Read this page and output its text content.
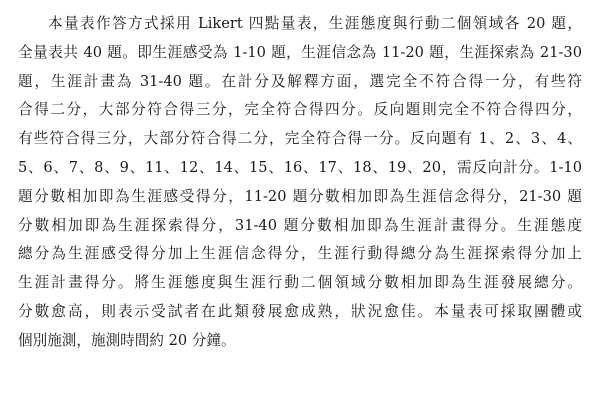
本量表作答方式採用 Likert 四點量表，生涯態度與行動二個領域各 20 題，
全量表共 40 題。即生涯感受為 1-10 題，生涯信念為 11-20 題，生涯探索為 21-30
題，生涯計畫為 31-40 題。在計分及解釋方面，選完全不符合得一分，有些符
合得二分，大部分符合得三分，完全符合得四分。反向題則完全不符合得四分，
有些符合得三分，大部分符合得二分，完全符合得一分。反向題有 1、2、3、4、
5、6、7、8、9、11、12、14、15、16、17、18、19、20，需反向計分。1-10
題分數相加即為生涯感受得分，11-20 題分數相加即為生涯信念得分，21-30 題
分數相加即為生涯探索得分，31-40 題分數相加即為生涯計畫得分。生涯態度
總分為生涯感受得分加上生涯信念得分，生涯行動得總分為生涯探索得分加上
生涯計畫得分。將生涯態度與生涯行動二個領域分數相加即為生涯發展總分。
分數愈高，則表示受試者在此類發展愈成熟，狀況愈佳。本量表可採取團體或
個別施測，施測時間約 20 分鐘。
